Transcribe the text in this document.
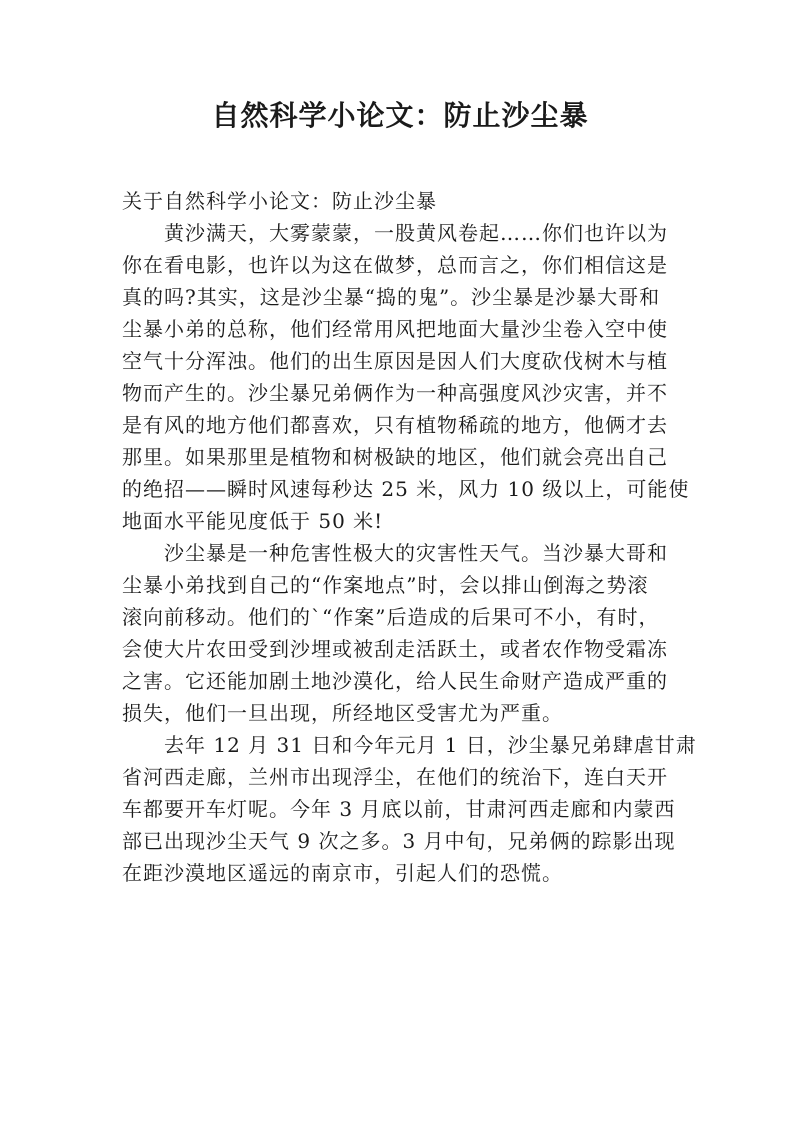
自然科学小论文：防止沙尘暴
关于自然科学小论文：防止沙尘暴
黄沙满天，大雾蒙蒙，一股黄风卷起……你们也许以为
你在看电影，也许以为这在做梦，总而言之，你们相信这是
真的吗?其实，这是沙尘暴“捣的鬼”。沙尘暴是沙暴大哥和
尘暴小弟的总称，他们经常用风把地面大量沙尘卷入空中使
空气十分浑浊。他们的出生原因是因人们大度砍伐树木与植
物而产生的。沙尘暴兄弟俩作为一种高强度风沙灾害，并不
是有风的地方他们都喜欢，只有植物稀疏的地方，他俩才去
那里。如果那里是植物和树极缺的地区，他们就会亮出自己
的绝招——瞬时风速每秒达 25 米，风力 10 级以上，可能使
地面水平能见度低于 50 米!
沙尘暴是一种危害性极大的灾害性天气。当沙暴大哥和
尘暴小弟找到自己的“作案地点”时，会以排山倒海之势滚
滚向前移动。他们的`“作案”后造成的后果可不小，有时，
会使大片农田受到沙埋或被刮走活跃土，或者农作物受霜冻
之害。它还能加剧土地沙漠化，给人民生命财产造成严重的
损失，他们一旦出现，所经地区受害尤为严重。
去年 12 月 31 日和今年元月 1 日，沙尘暴兄弟肆虐甘肃
省河西走廊，兰州市出现浮尘，在他们的统治下，连白天开
车都要开车灯呢。今年 3 月底以前，甘肃河西走廊和内蒙西
部已出现沙尘天气 9 次之多。3 月中旬，兄弟俩的踪影出现
在距沙漠地区遥远的南京市，引起人们的恐慌。
